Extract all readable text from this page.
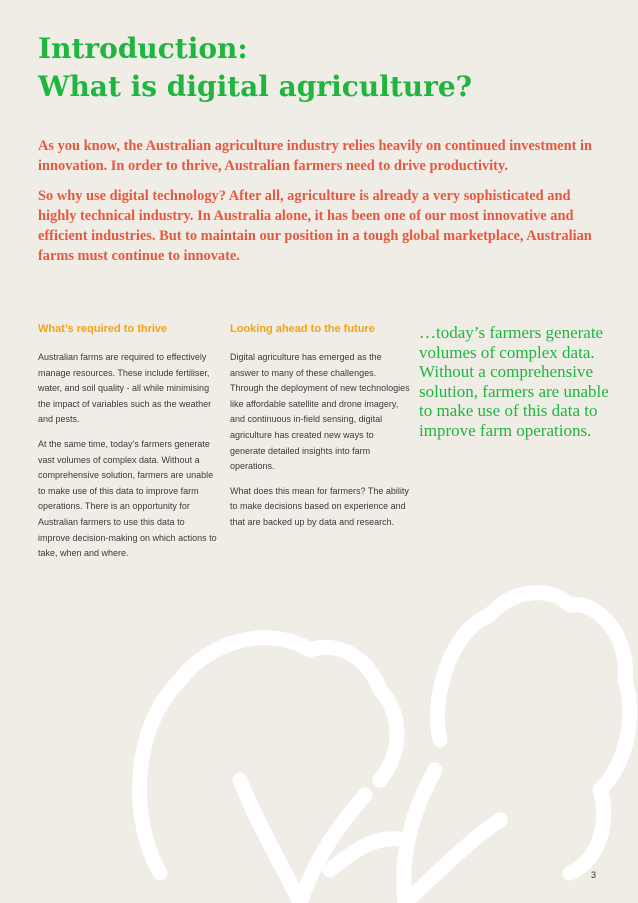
Introduction:
What is digital agriculture?

As you know, the Australian agriculture industry relies heavily on continued investment in innovation. In order to thrive, Australian farmers need to drive productivity.

So why use digital technology? After all, agriculture is already a very sophisticated and highly technical industry. In Australia alone, it has been one of our most innovative and efficient industries. But to maintain our position in a tough global marketplace, Australian farms must continue to innovate.

What’s required to thrive

Australian farms are required to effectively manage resources. These include fertiliser, water, and soil quality - all while minimising the impact of variables such as the weather and pests.

At the same time, today’s farmers generate vast volumes of complex data. Without a comprehensive solution, farmers are unable to make use of this data to improve farm operations. There is an opportunity for Australian farmers to use this data to improve decision-making on which actions to take, when and where.

Looking ahead to the future

Digital agriculture has emerged as the answer to many of these challenges. Through the deployment of new technologies like affordable satellite and drone imagery, and continuous in-field sensing, digital agriculture has created new ways to generate detailed insights into farm operations.

What does this mean for farmers? The ability to make decisions based on experience and that are backed up by data and research.

…today’s farmers generate volumes of complex data. Without a comprehensive solution, farmers are unable to make use of this data to improve farm operations.

3
